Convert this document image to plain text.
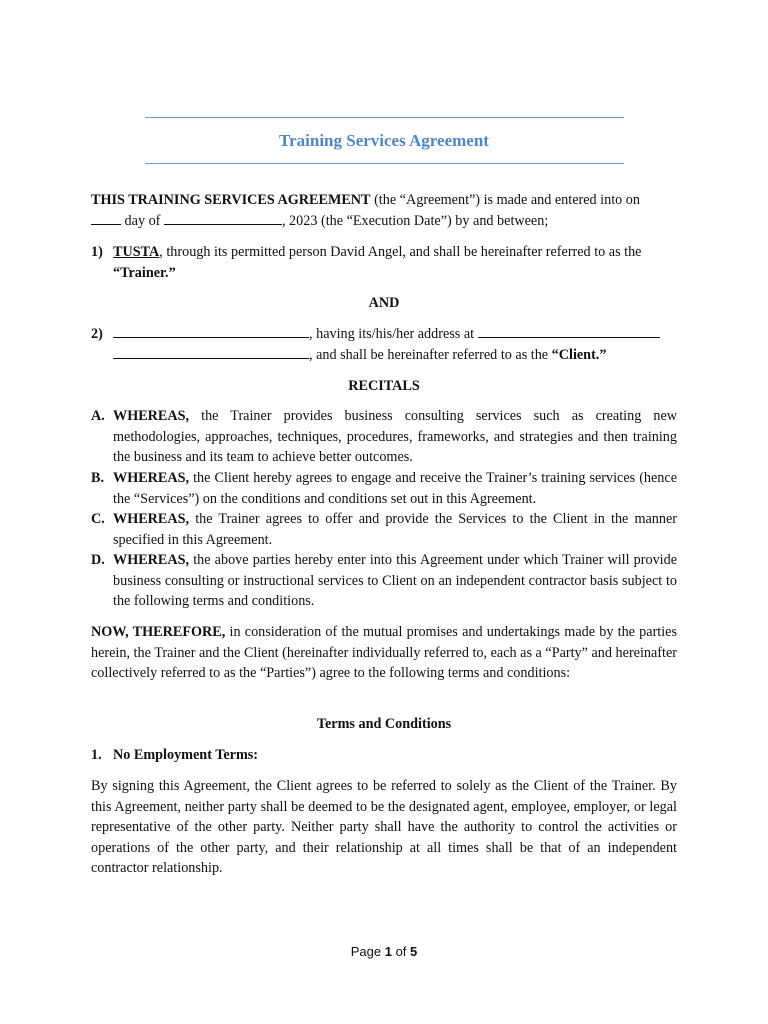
Training Services Agreement
THIS TRAINING SERVICES AGREEMENT (the “Agreement”) is made and entered into on
day of	, 2023 (the “Execution Date”) by and between;
1) TUSTA, through its permitted person David Angel, and shall be hereinafter referred to as the
“Trainer.”
AND
2)	, having its/his/her address at
, and shall be hereinafter referred to as the “Client.”
RECITALS
A. WHEREAS, the Trainer provides business consulting services such as creating new methodologies, approaches, techniques, procedures, frameworks, and strategies and then training the business and its team to achieve better outcomes.
B. WHEREAS, the Client hereby agrees to engage and receive the Trainer’s training services (hence the “Services”) on the conditions and conditions set out in this Agreement.
C. WHEREAS, the Trainer agrees to offer and provide the Services to the Client in the manner specified in this Agreement.
D. WHEREAS, the above parties hereby enter into this Agreement under which Trainer will provide business consulting or instructional services to Client on an independent contractor basis subject to the following terms and conditions.
NOW, THEREFORE, in consideration of the mutual promises and undertakings made by the parties herein, the Trainer and the Client (hereinafter individually referred to, each as a “Party” and hereinafter collectively referred to as the “Parties”) agree to the following terms and conditions:
Terms and Conditions
1. No Employment Terms:
By signing this Agreement, the Client agrees to be referred to solely as the Client of the Trainer. By this Agreement, neither party shall be deemed to be the designated agent, employee, employer, or legal representative of the other party. Neither party shall have the authority to control the activities or operations of the other party, and their relationship at all times shall be that of an independent contractor relationship.
Page 1 of 5
